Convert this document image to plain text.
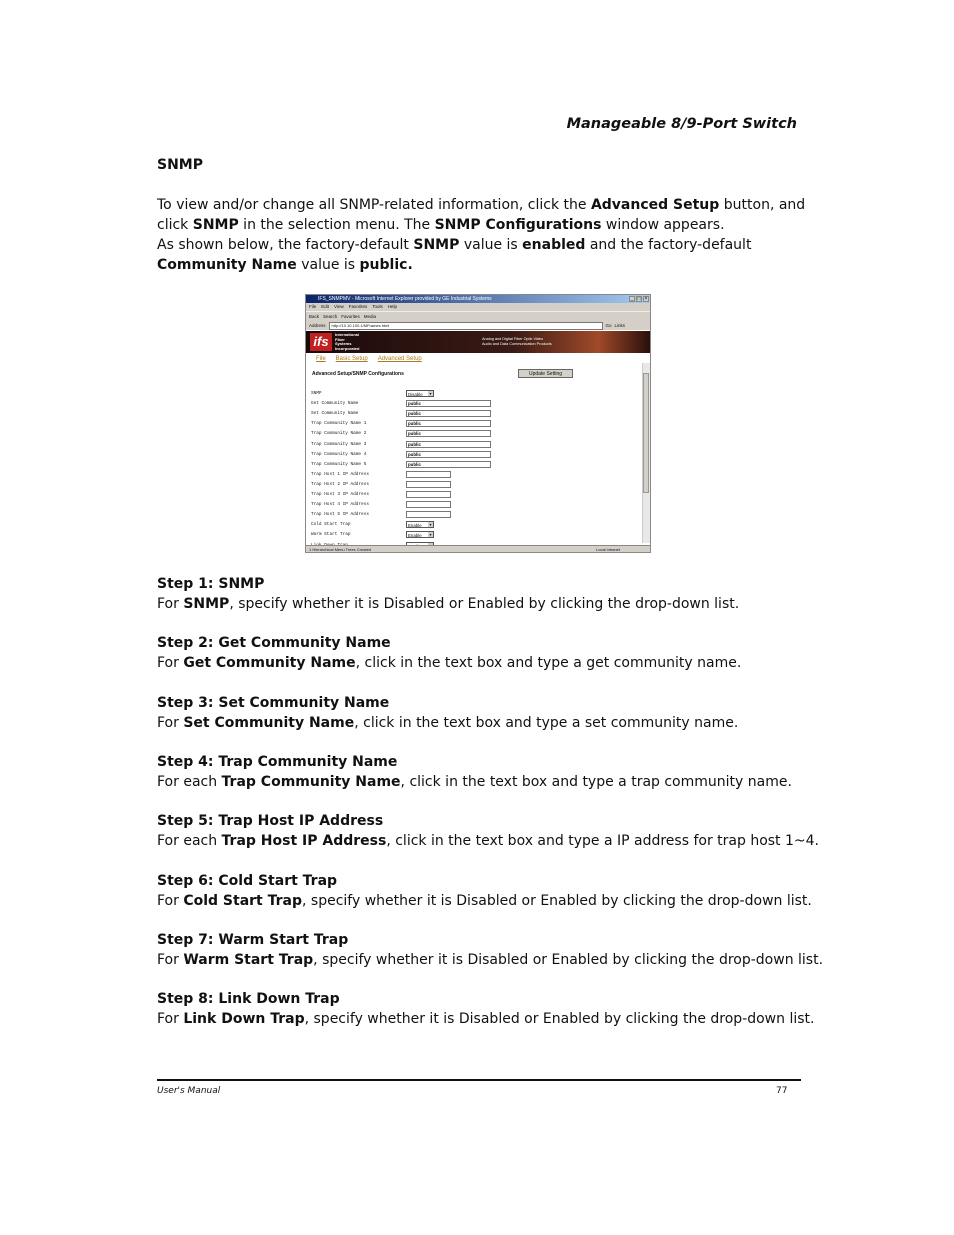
Manageable 8/9-Port Switch
SNMP
To view and/or change all SNMP-related information, click the Advanced Setup button, and click SNMP in the selection menu. The SNMP Configurations window appears.
As shown below, the factory-default SNMP value is enabled and the factory-default Community Name value is public.
IFS_SNMPMV - Microsoft Internet Explorer provided by GE Industrial Systems	_ □ ×
File Edit View Favorites Tools Help
Back Search Favorites Media
Address	http://10.10.100.1/MFrames.html	Go Links
ifs	International
Fiber
Systems
Incorporated
Analog and Digital Fiber Optic Video
Audio and Data Communication Products
File Basic Setup Advanced Setup
Advanced Setup/SNMP Configurations	Update Setting
SNMP	Disable ▾
Get Community Name	public
Set Community Name	public
Trap Community Name 1	public
Trap Community Name 2	public
Trap Community Name 3	public
Trap Community Name 4	public
Trap Community Name 5	public
Trap Host 1 IP Address
Trap Host 2 IP Address
Trap Host 3 IP Address
Trap Host 4 IP Address
Trap Host 5 IP Address
Cold Start Trap	Enable ▾
Warm Start Trap	Enable ▾
▾
1 Hierarchical Menu Trees Created	Local intranet
Step 1: SNMP
For SNMP, specify whether it is Disabled or Enabled by clicking the drop-down list.
Step 2: Get Community Name
For Get Community Name, click in the text box and type a get community name.
Step 3: Set Community Name
For Set Community Name, click in the text box and type a set community name.
Step 4: Trap Community Name
For each Trap Community Name, click in the text box and type a trap community name.
Step 5: Trap Host IP Address
For each Trap Host IP Address, click in the text box and type a IP address for trap host 1~4.
Step 6: Cold Start Trap
For Cold Start Trap, specify whether it is Disabled or Enabled by clicking the drop-down list.
Step 7: Warm Start Trap
For Warm Start Trap, specify whether it is Disabled or Enabled by clicking the drop-down list.
Step 8: Link Down Trap
For Link Down Trap, specify whether it is Disabled or Enabled by clicking the drop-down list.
User's Manual	77
